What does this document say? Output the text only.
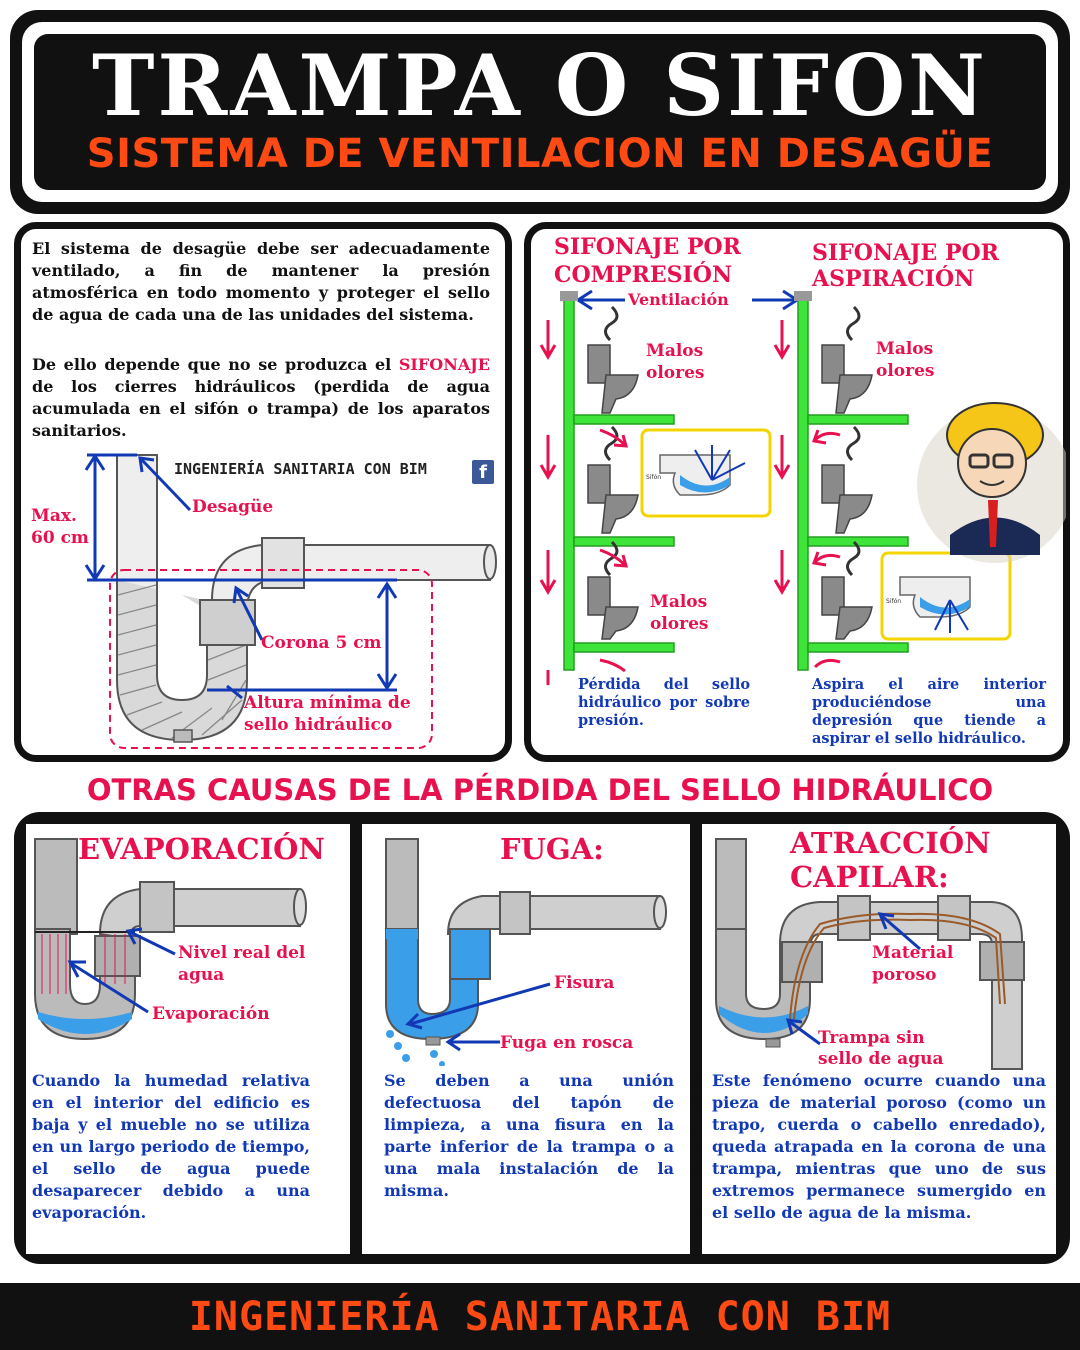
TRAMPA O SIFON
SISTEMA DE VENTILACION EN DESAGÜE
El sistema de desagüe debe ser adecuadamente ventilado, a fin de mantener la presión atmosférica en todo momento y proteger el sello de agua de cada una de las unidades del sistema.
De ello depende que no se produzca el SIFONAJE de los cierres hidráulicos (perdida de agua acumulada en el sifón o trampa) de los aparatos sanitarios.
INGENIERÍA SANITARIA CON BIM	f
Desagüe
Max.
60 cm
Corona 5 cm
Altura mínima de
sello hidráulico
SIFONAJE POR
COMPRESIÓN
SIFONAJE POR
ASPIRACIÓN
Ventilación
Malos
olores
Malos
olores
Malos
olores
Sifón
Sifón
Pérdida del sello hidráulico por sobre presión.
Aspira el aire interior produciéndose una depresión que tiende a aspirar el sello hidráulico.
OTRAS CAUSAS DE LA PÉRDIDA DEL SELLO HIDRÁULICO
EVAPORACIÓN
Nivel real del
agua
Evaporación
Cuando la humedad relativa en el interior del edificio es baja y el mueble no se utiliza en un largo periodo de tiempo, el sello de agua puede desaparecer debido a una evaporación.
FUGA:
Fisura
Fuga en rosca
Se deben a una unión defectuosa del tapón de limpieza, a una fisura en la parte inferior de la trampa o a una mala instalación de la misma.
ATRACCIÓN
CAPILAR:
Material
poroso
Trampa sin
sello de agua
Este fenómeno ocurre cuando una pieza de material poroso (como un trapo, cuerda o cabello enredado), queda atrapada en la corona de una trampa, mientras que uno de sus extremos permanece sumergido en el sello de agua de la misma.
INGENIERÍA SANITARIA CON BIM
